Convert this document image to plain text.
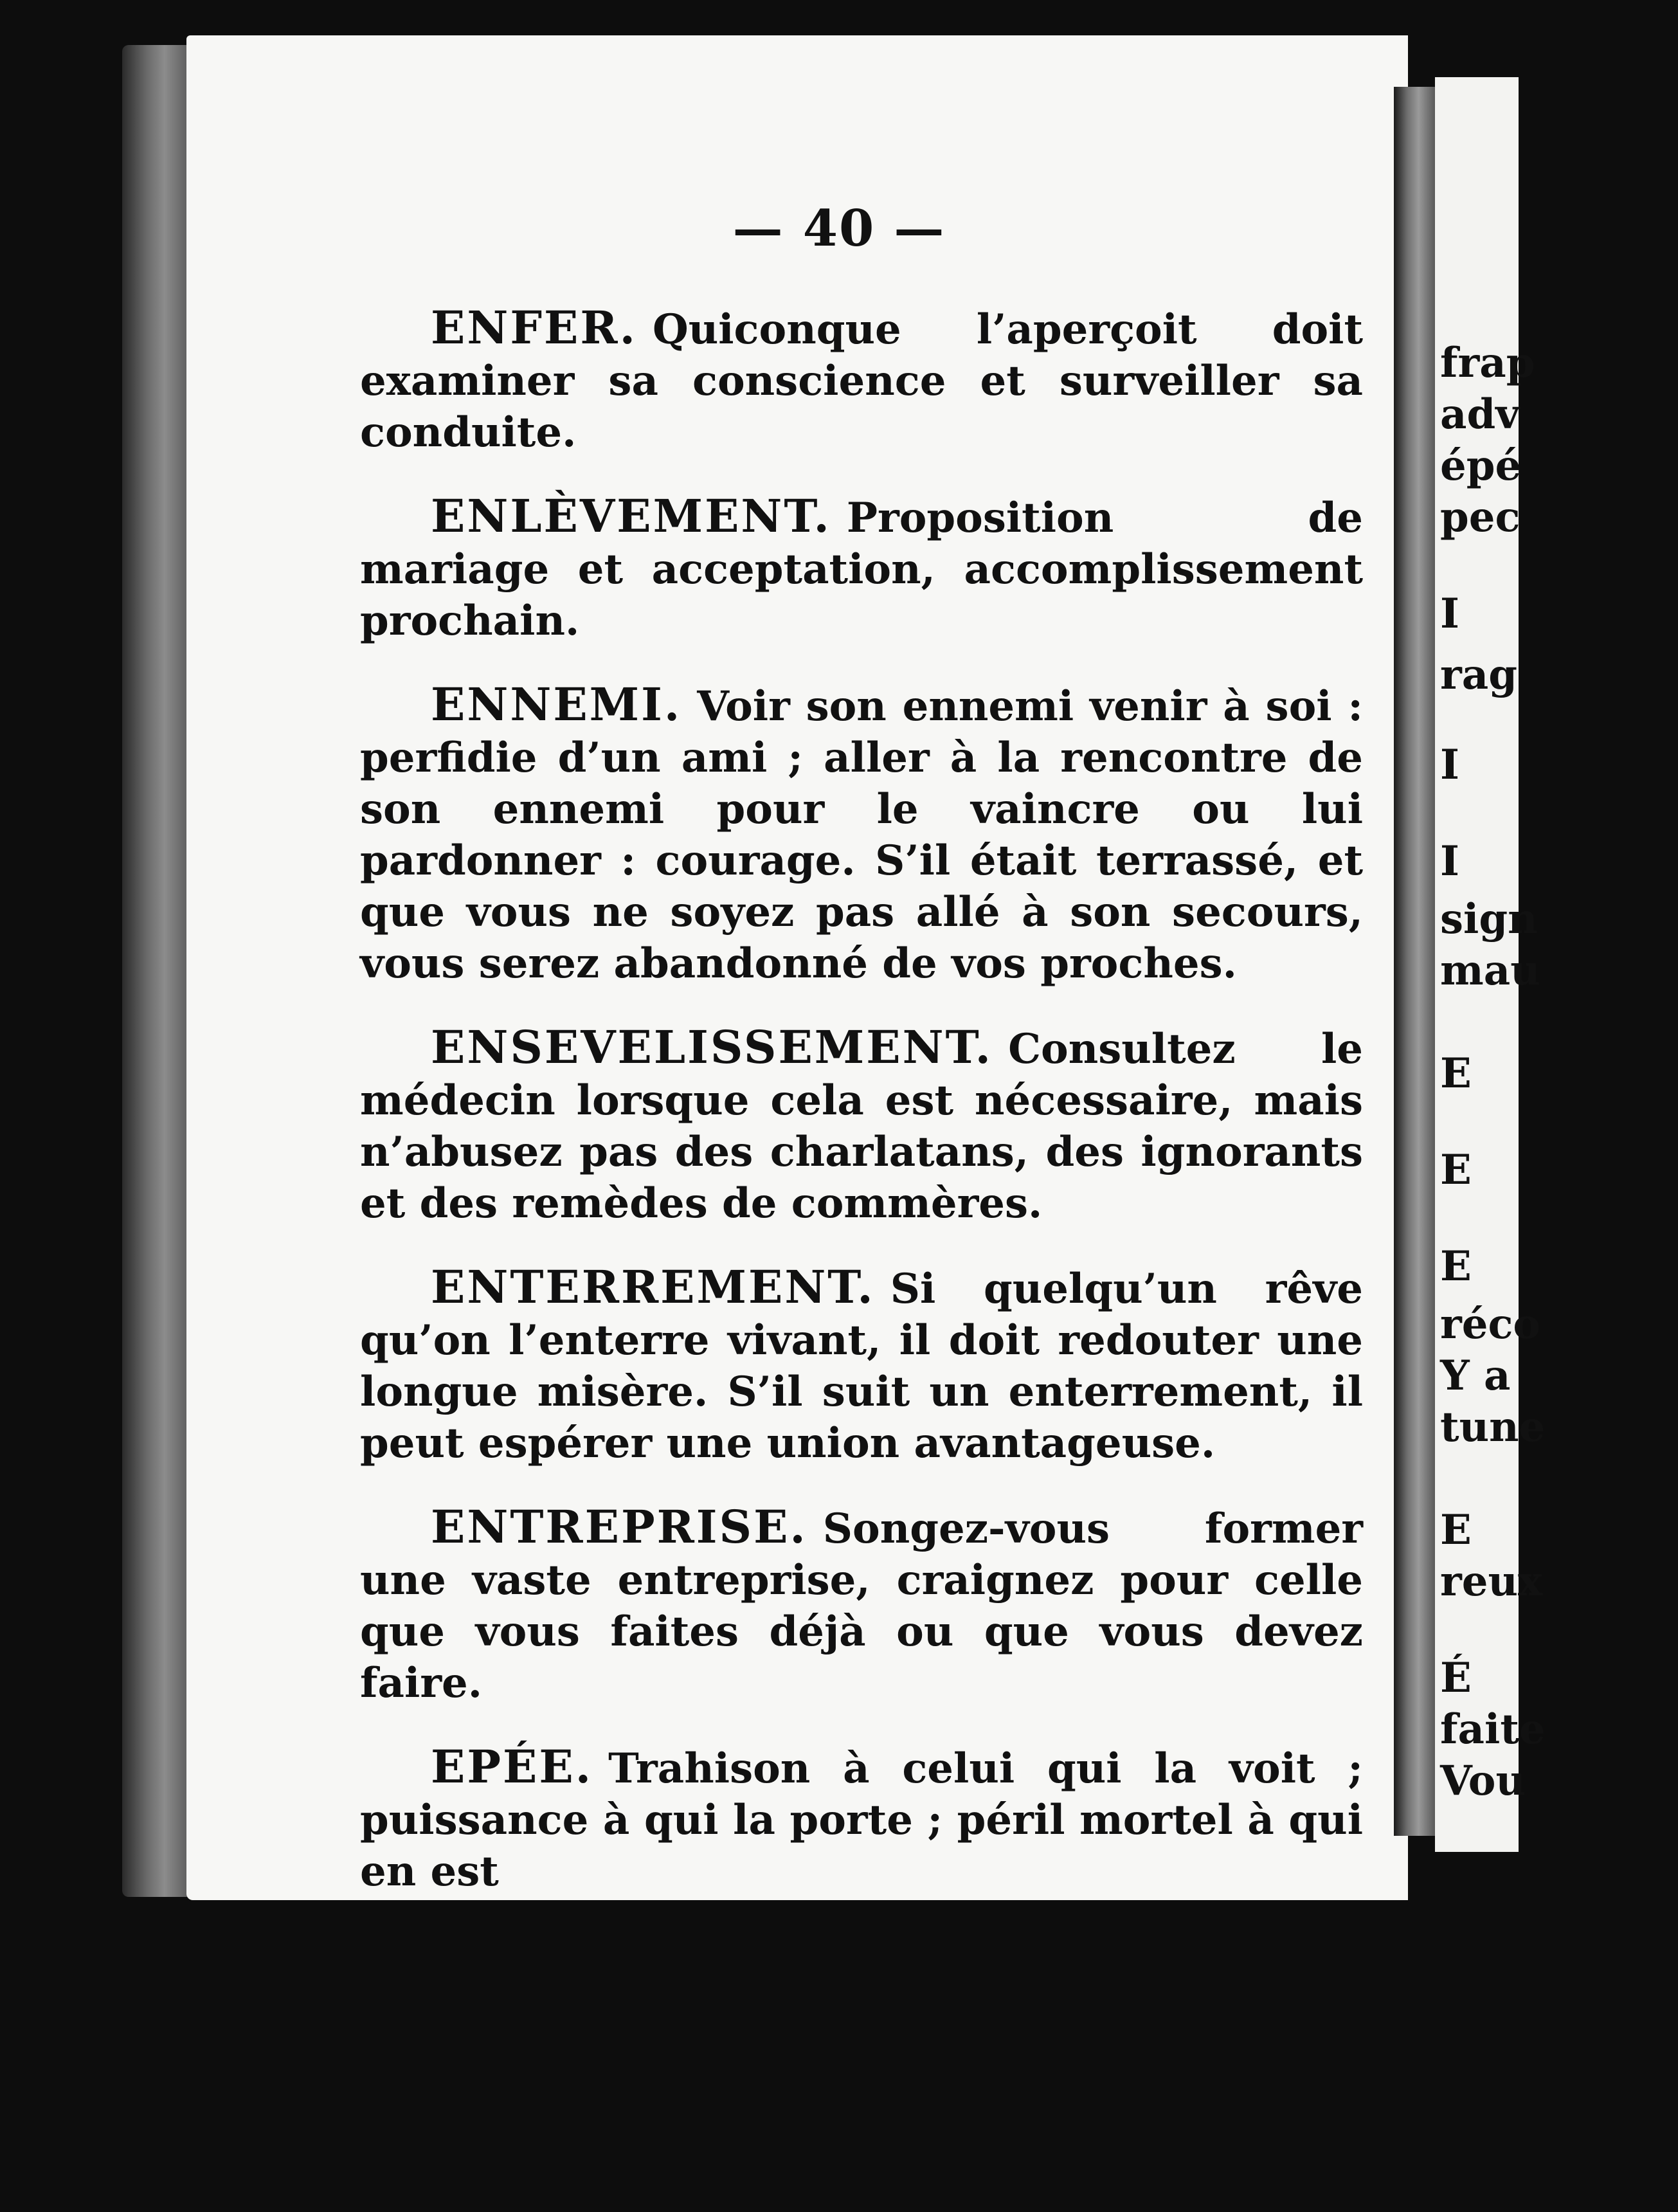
— 40 —

ENFER. Quiconque l’aperçoit doit examiner sa conscience et surveiller sa conduite.

ENLÈVEMENT. Proposition de mariage et acceptation, accomplissement prochain.

ENNEMI. Voir son ennemi venir à soi : perfidie d’un ami ; aller à la rencontre de son ennemi pour le vaincre ou lui pardonner : courage. S’il était terrassé, et que vous ne soyez pas allé à son secours, vous serez abandonné de vos proches.

ENSEVELISSEMENT. Consultez le médecin lorsque cela est nécessaire, mais n’abusez pas des charlatans, des ignorants et des remèdes de commères.

ENTERREMENT. Si quelqu’un rêve qu’on l’enterre vivant, il doit redouter une longue misère. S’il suit un enterrement, il peut espérer une union avantageuse.

ENTREPRISE. Songez-vous former une vaste entreprise, craignez pour celle que vous faites déjà ou que vous devez faire.

EPÉE. Trahison à celui qui la voit ; puissance à qui la porte ; péril mortel à qui en est

frap
adv
épé
pec
I
rag
I
I
sign
mau
E
E
E
réco
Y a
tune
E
reux
É
faite
Vou
